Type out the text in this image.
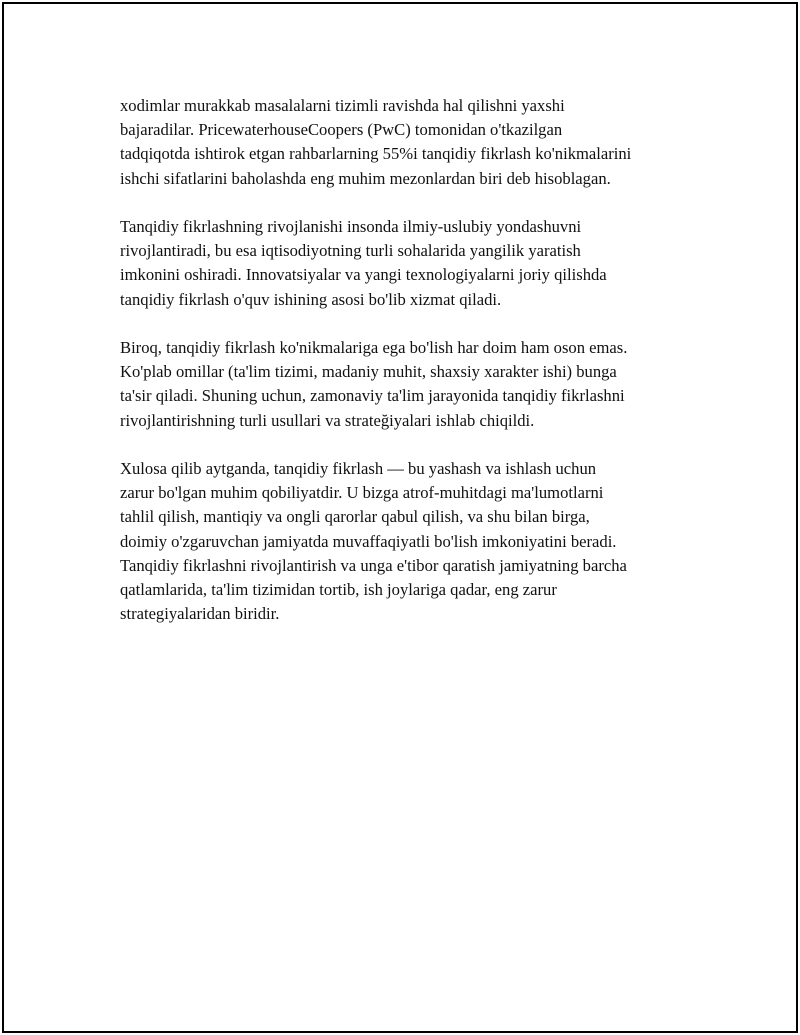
xodimlar murakkab masalalarni tizimli ravishda hal qilishni yaxshi
bajaradilar. PricewaterhouseCoopers (PwC) tomonidan o'tkazilgan
tadqiqotda ishtirok etgan rahbarlarning 55%i tanqidiy fikrlash ko'nikmalarini
ishchi sifatlarini baholashda eng muhim mezonlardan biri deb hisoblagan.

Tanqidiy fikrlashning rivojlanishi insonda ilmiy-uslubiy yondashuvni
rivojlantiradi, bu esa iqtisodiyotning turli sohalarida yangilik yaratish
imkonini oshiradi. Innovatsiyalar va yangi texnologiyalarni joriy qilishda
tanqidiy fikrlash o'quv ishining asosi bo'lib xizmat qiladi.

Biroq, tanqidiy fikrlash ko'nikmalariga ega bo'lish har doim ham oson emas.
Ko'plab omillar (ta'lim tizimi, madaniy muhit, shaxsiy xarakter ishi) bunga
ta'sir qiladi. Shuning uchun, zamonaviy ta'lim jarayonida tanqidiy fikrlashni
rivojlantirishning turli usullari va strateğiyalari ishlab chiqildi.

Xulosa qilib aytganda, tanqidiy fikrlash — bu yashash va ishlash uchun
zarur bo'lgan muhim qobiliyatdir. U bizga atrof-muhitdagi ma'lumotlarni
tahlil qilish, mantiqiy va ongli qarorlar qabul qilish, va shu bilan birga,
doimiy o'zgaruvchan jamiyatda muvaffaqiyatli bo'lish imkoniyatini beradi.
Tanqidiy fikrlashni rivojlantirish va unga e'tibor qaratish jamiyatning barcha
qatlamlarida, ta'lim tizimidan tortib, ish joylariga qadar, eng zarur
strategiyalaridan biridir.
